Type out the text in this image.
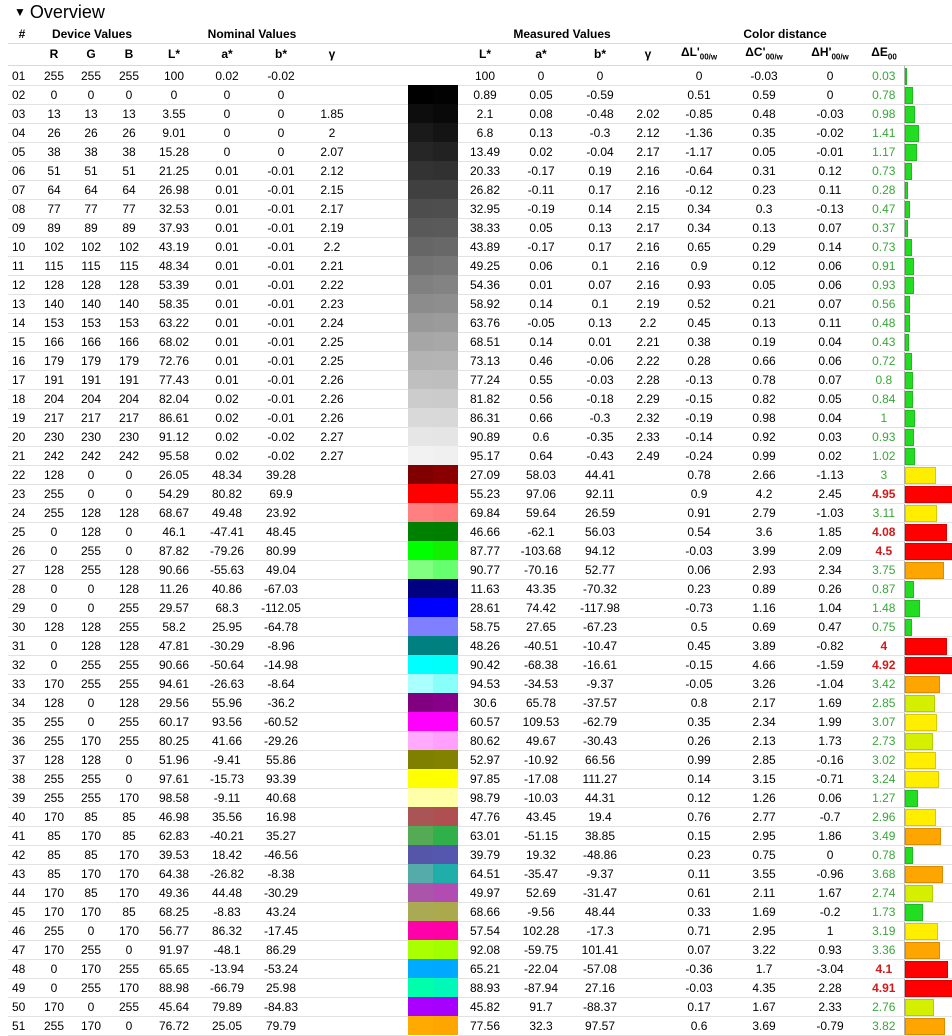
▼ Overview
#	Device Values			Nominal Values						Measured Values				Color distance				
	R	G	B	L*	a*	b*	γ			L*	a*	b*	γ	$\Delta L'_{00/w}$	$\Delta C'_{00/w}$	$\Delta H'_{00/w}$	$\Delta E_{00}$	
01	255	255	255	100	0.02	-0.02				100	0	0		0	-0.03	0	0.03	

02	0	0	0	0	0	0				0.89	0.05	-0.59		0.51	0.59	0	0.78	

03	13	13	13	3.55	0	0	1.85			2.1	0.08	-0.48	2.02	-0.85	0.48	-0.03	0.98	

04	26	26	26	9.01	0	0	2			6.8	0.13	-0.3	2.12	-1.36	0.35	-0.02	1.41	

05	38	38	38	15.28	0	0	2.07			13.49	0.02	-0.04	2.17	-1.17	0.05	-0.01	1.17	

06	51	51	51	21.25	0.01	-0.01	2.12			20.33	-0.17	0.19	2.16	-0.64	0.31	0.12	0.73	

07	64	64	64	26.98	0.01	-0.01	2.15			26.82	-0.11	0.17	2.16	-0.12	0.23	0.11	0.28	

08	77	77	77	32.53	0.01	-0.01	2.17			32.95	-0.19	0.14	2.15	0.34	0.3	-0.13	0.47	

09	89	89	89	37.93	0.01	-0.01	2.19			38.33	0.05	0.13	2.17	0.34	0.13	0.07	0.37	

10	102	102	102	43.19	0.01	-0.01	2.2			43.89	-0.17	0.17	2.16	0.65	0.29	0.14	0.73	

11	115	115	115	48.34	0.01	-0.01	2.21			49.25	0.06	0.1	2.16	0.9	0.12	0.06	0.91	

12	128	128	128	53.39	0.01	-0.01	2.22			54.36	0.01	0.07	2.16	0.93	0.05	0.06	0.93	

13	140	140	140	58.35	0.01	-0.01	2.23			58.92	0.14	0.1	2.19	0.52	0.21	0.07	0.56	

14	153	153	153	63.22	0.01	-0.01	2.24			63.76	-0.05	0.13	2.2	0.45	0.13	0.11	0.48	

15	166	166	166	68.02	0.01	-0.01	2.25			68.51	0.14	0.01	2.21	0.38	0.19	0.04	0.43	

16	179	179	179	72.76	0.01	-0.01	2.25			73.13	0.46	-0.06	2.22	0.28	0.66	0.06	0.72	

17	191	191	191	77.43	0.01	-0.01	2.26			77.24	0.55	-0.03	2.28	-0.13	0.78	0.07	0.8	

18	204	204	204	82.04	0.02	-0.01	2.26			81.82	0.56	-0.18	2.29	-0.15	0.82	0.05	0.84	

19	217	217	217	86.61	0.02	-0.01	2.26			86.31	0.66	-0.3	2.32	-0.19	0.98	0.04	1	

20	230	230	230	91.12	0.02	-0.02	2.27			90.89	0.6	-0.35	2.33	-0.14	0.92	0.03	0.93	

21	242	242	242	95.58	0.02	-0.02	2.27			95.17	0.64	-0.43	2.49	-0.24	0.99	0.02	1.02	

22	128	0	0	26.05	48.34	39.28				27.09	58.03	44.41		0.78	2.66	-1.13	3	

23	255	0	0	54.29	80.82	69.9				55.23	97.06	92.11		0.9	4.2	2.45	4.95	

24	255	128	128	68.67	49.48	23.92				69.84	59.64	26.59		0.91	2.79	-1.03	3.11	

25	0	128	0	46.1	-47.41	48.45				46.66	-62.1	56.03		0.54	3.6	1.85	4.08	

26	0	255	0	87.82	-79.26	80.99				87.77	-103.68	94.12		-0.03	3.99	2.09	4.5	

27	128	255	128	90.66	-55.63	49.04				90.77	-70.16	52.77		0.06	2.93	2.34	3.75	

28	0	0	128	11.26	40.86	-67.03				11.63	43.35	-70.32		0.23	0.89	0.26	0.87	

29	0	0	255	29.57	68.3	-112.05				28.61	74.42	-117.98		-0.73	1.16	1.04	1.48	

30	128	128	255	58.2	25.95	-64.78				58.75	27.65	-67.23		0.5	0.69	0.47	0.75	

31	0	128	128	47.81	-30.29	-8.96				48.26	-40.51	-10.47		0.45	3.89	-0.82	4	

32	0	255	255	90.66	-50.64	-14.98				90.42	-68.38	-16.61		-0.15	4.66	-1.59	4.92	

33	170	255	255	94.61	-26.63	-8.64				94.53	-34.53	-9.37		-0.05	3.26	-1.04	3.42	

34	128	0	128	29.56	55.96	-36.2				30.6	65.78	-37.57		0.8	2.17	1.69	2.85	

35	255	0	255	60.17	93.56	-60.52				60.57	109.53	-62.79		0.35	2.34	1.99	3.07	

36	255	170	255	80.25	41.66	-29.26				80.62	49.67	-30.43		0.26	2.13	1.73	2.73	

37	128	128	0	51.96	-9.41	55.86				52.97	-10.92	66.56		0.99	2.85	-0.16	3.02	

38	255	255	0	97.61	-15.73	93.39				97.85	-17.08	111.27		0.14	3.15	-0.71	3.24	

39	255	255	170	98.58	-9.11	40.68				98.79	-10.03	44.31		0.12	1.26	0.06	1.27	

40	170	85	85	46.98	35.56	16.98				47.76	43.45	19.4		0.76	2.77	-0.7	2.96	

41	85	170	85	62.83	-40.21	35.27				63.01	-51.15	38.85		0.15	2.95	1.86	3.49	

42	85	85	170	39.53	18.42	-46.56				39.79	19.32	-48.86		0.23	0.75	0	0.78	

43	85	170	170	64.38	-26.82	-8.38				64.51	-35.47	-9.37		0.11	3.55	-0.96	3.68	

44	170	85	170	49.36	44.48	-30.29				49.97	52.69	-31.47		0.61	2.11	1.67	2.74	

45	170	170	85	68.25	-8.83	43.24				68.66	-9.56	48.44		0.33	1.69	-0.2	1.73	

46	255	0	170	56.77	86.32	-17.45				57.54	102.28	-17.3		0.71	2.95	1	3.19	

47	170	255	0	91.97	-48.1	86.29				92.08	-59.75	101.41		0.07	3.22	0.93	3.36	

48	0	170	255	65.65	-13.94	-53.24				65.21	-22.04	-57.08		-0.36	1.7	-3.04	4.1	

49	0	255	170	88.98	-66.79	25.98				88.93	-87.94	27.16		-0.03	4.35	2.28	4.91	

50	170	0	255	45.64	79.89	-84.83				45.82	91.7	-88.37		0.17	1.67	2.33	2.76	

51	255	170	0	76.72	25.05	79.79				77.56	32.3	97.57		0.6	3.69	-0.79	3.82	
